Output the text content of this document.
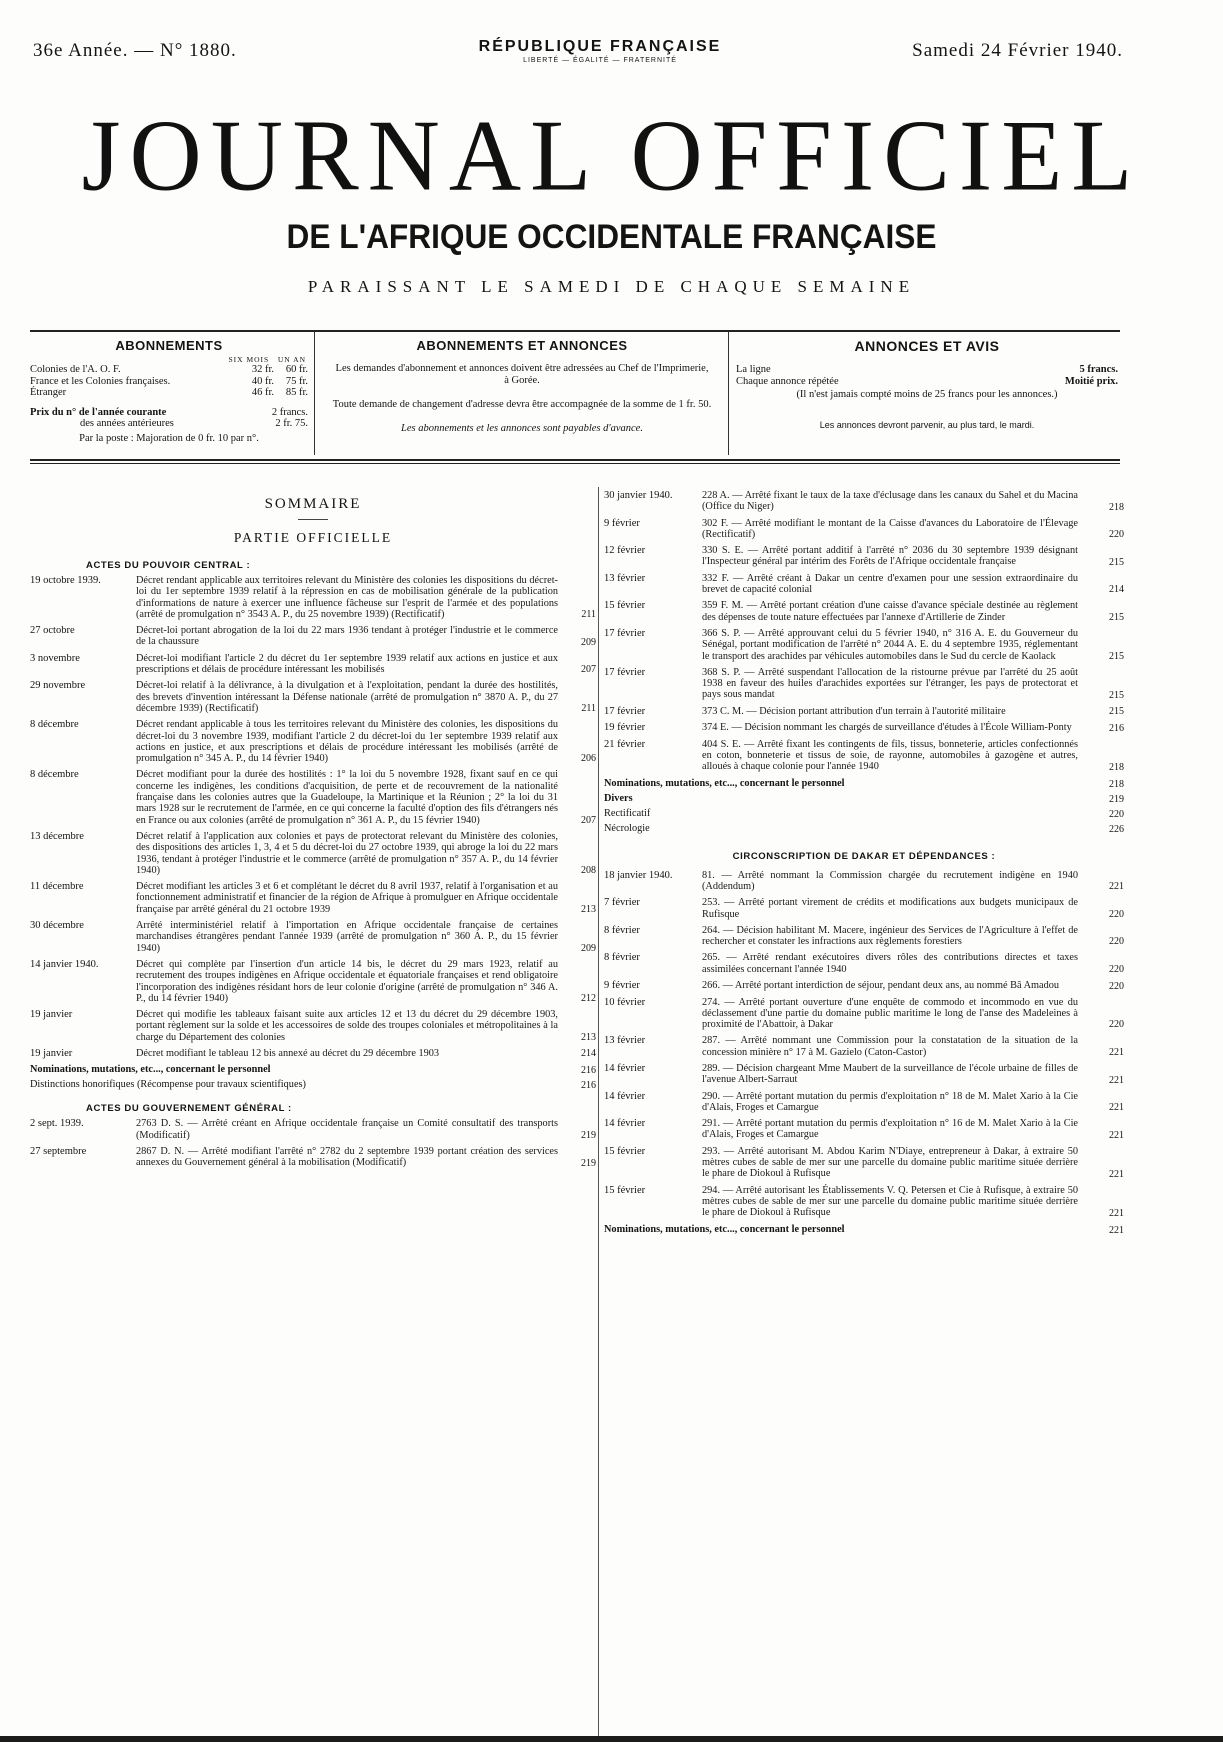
36e Année. — N° 1880.	RÉPUBLIQUE FRANÇAISE
LIBERTÉ — ÉGALITÉ — FRATERNITÉ	Samedi 24 Février 1940.
JOURNAL OFFICIEL
DE L'AFRIQUE OCCIDENTALE FRANÇAISE
PARAISSANT LE SAMEDI DE CHAQUE SEMAINE
ABONNEMENTS
SIX MOIS UN AN
Colonies de l'A. O. F.	32 fr.	60 fr.
France et les Colonies françaises.	40 fr.	75 fr.
Étranger	46 fr.	85 fr.
Prix du n° de l'année courante	2 francs.
des années antérieures	2 fr. 75.
Par la poste : Majoration de 0 fr. 10 par n°.
ABONNEMENTS ET ANNONCES
Les demandes d'abonnement et annonces doivent être adressées au Chef de l'Imprimerie, à Gorée.
Toute demande de changement d'adresse devra être accompagnée de la somme de 1 fr. 50.
Les abonnements et les annonces sont payables d'avance.
ANNONCES ET AVIS
La ligne	5 francs.
Chaque annonce répétée	Moitié prix.
(Il n'est jamais compté moins de 25 francs pour les annonces.)
Les annonces devront parvenir, au plus tard, le mardi.
SOMMAIRE
PARTIE OFFICIELLE
ACTES DU POUVOIR CENTRAL :
19 octobre 1939.	Décret rendant applicable aux territoires relevant du Ministère des colonies les dispositions du décret-loi du 1er septembre 1939 relatif à la répression en cas de mobilisation générale de la publication d'informations de nature à exercer une influence fâcheuse sur l'esprit de l'armée et des populations (arrêté de promulgation n° 3543 A. P., du 25 novembre 1939) (Rectificatif)	211
27 octobre	Décret-loi portant abrogation de la loi du 22 mars 1936 tendant à protéger l'industrie et le commerce de la chaussure	209
3 novembre	Décret-loi modifiant l'article 2 du décret du 1er septembre 1939 relatif aux actions en justice et aux prescriptions et délais de procédure intéressant les mobilisés	207
29 novembre	Décret-loi relatif à la délivrance, à la divulgation et à l'exploitation, pendant la durée des hostilités, des brevets d'invention intéressant la Défense nationale (arrêté de promulgation n° 3870 A. P., du 27 décembre 1939) (Rectificatif)	211
8 décembre	Décret rendant applicable à tous les territoires relevant du Ministère des colonies, les dispositions du décret-loi du 3 novembre 1939, modifiant l'article 2 du décret-loi du 1er septembre 1939 relatif aux actions en justice, et aux prescriptions et délais de procédure intéressant les mobilisés (arrêté de promulgation n° 345 A. P., du 14 février 1940)	206
8 décembre	Décret modifiant pour la durée des hostilités : 1° la loi du 5 novembre 1928, fixant sauf en ce qui concerne les indigènes, les conditions d'acquisition, de perte et de recouvrement de la nationalité française dans les colonies autres que la Guadeloupe, la Martinique et la Réunion ; 2° la loi du 31 mars 1928 sur le recrutement de l'armée, en ce qui concerne la faculté d'option des fils d'étrangers nés en France ou aux colonies (arrêté de promulgation n° 361 A. P., du 15 février 1940)	207
13 décembre	Décret relatif à l'application aux colonies et pays de protectorat relevant du Ministère des colonies, des dispositions des articles 1, 3, 4 et 5 du décret-loi du 27 octobre 1939, qui abroge la loi du 22 mars 1936, tendant à protéger l'industrie et le commerce (arrêté de promulgation n° 357 A. P., du 14 février 1940)	208
11 décembre	Décret modifiant les articles 3 et 6 et complétant le décret du 8 avril 1937, relatif à l'organisation et au fonctionnement administratif et financier de la région de Afrique à promulguer en Afrique occidentale française par arrêté général du 21 octobre 1939	213
30 décembre	Arrêté interministériel relatif à l'importation en Afrique occidentale française de certaines marchandises étrangères pendant l'année 1939 (arrêté de promulgation n° 360 A. P., du 15 février 1940)	209
14 janvier 1940.	Décret qui complète par l'insertion d'un article 14 bis, le décret du 29 mars 1923, relatif au recrutement des troupes indigènes en Afrique occidentale et équatoriale françaises et rend obligatoire l'incorporation des indigènes résidant hors de leur colonie d'origine (arrêté de promulgation n° 346 A. P., du 14 février 1940)	212
19 janvier	Décret qui modifie les tableaux faisant suite aux articles 12 et 13 du décret du 29 décembre 1903, portant règlement sur la solde et les accessoires de solde des troupes coloniales et métropolitaines à la charge du Département des colonies	213
19 janvier	Décret modifiant le tableau 12 bis annexé au décret du 29 décembre 1903	214
Nominations, mutations, etc..., concernant le personnel	216
Distinctions honorifiques (Récompense pour travaux scientifiques)	216
ACTES DU GOUVERNEMENT GÉNÉRAL :
2 sept. 1939.	2763 D. S. — Arrêté créant en Afrique occidentale française un Comité consultatif des transports (Modificatif)	219
27 septembre	2867 D. N. — Arrêté modifiant l'arrêté n° 2782 du 2 septembre 1939 portant création des services annexes du Gouvernement général à la mobilisation (Modificatif)	219
30 janvier 1940.	228 A. — Arrêté fixant le taux de la taxe d'éclusage dans les canaux du Sahel et du Macina (Office du Niger)	218
9 février	302 F. — Arrêté modifiant le montant de la Caisse d'avances du Laboratoire de l'Élevage (Rectificatif)	220
12 février	330 S. E. — Arrêté portant additif à l'arrêté n° 2036 du 30 septembre 1939 désignant l'Inspecteur général par intérim des Forêts de l'Afrique occidentale française	215
13 février	332 F. — Arrêté créant à Dakar un centre d'examen pour une session extraordinaire du brevet de capacité colonial	214
15 février	359 F. M. — Arrêté portant création d'une caisse d'avance spéciale destinée au règlement des dépenses de toute nature effectuées par l'annexe d'Artillerie de Zinder	215
17 février	366 S. P. — Arrêté approuvant celui du 5 février 1940, n° 316 A. E. du Gouverneur du Sénégal, portant modification de l'arrêté n° 2044 A. E. du 4 septembre 1935, réglementant le transport des arachides par véhicules automobiles dans le Sud du cercle de Kaolack	215
17 février	368 S. P. — Arrêté suspendant l'allocation de la ristourne prévue par l'arrêté du 25 août 1938 en faveur des huiles d'arachides exportées sur l'étranger, les pays de protectorat et pays sous mandat	215
17 février	373 C. M. — Décision portant attribution d'un terrain à l'autorité militaire	215
19 février	374 E. — Décision nommant les chargés de surveillance d'études à l'École William-Ponty	216
21 février	404 S. E. — Arrêté fixant les contingents de fils, tissus, bonneterie, articles confectionnés en coton, bonneterie et tissus de soie, de rayonne, automobiles à gazogène et autres, alloués à chaque colonie pour l'année 1940	218
Nominations, mutations, etc..., concernant le personnel	218
Divers	219
Rectificatif	220
Nécrologie	226
CIRCONSCRIPTION DE DAKAR ET DÉPENDANCES :
18 janvier 1940.	81. — Arrêté nommant la Commission chargée du recrutement indigène en 1940 (Addendum)	221
7 février	253. — Arrêté portant virement de crédits et modifications aux budgets municipaux de Rufisque	220
8 février	264. — Décision habilitant M. Macere, ingénieur des Services de l'Agriculture à l'effet de rechercher et constater les infractions aux règlements forestiers	220
8 février	265. — Arrêté rendant exécutoires divers rôles des contributions directes et taxes assimilées concernant l'année 1940	220
9 février	266. — Arrêté portant interdiction de séjour, pendant deux ans, au nommé Bâ Amadou	220
10 février	274. — Arrêté portant ouverture d'une enquête de commodo et incommodo en vue du déclassement d'une partie du domaine public maritime le long de l'anse des Madeleines à proximité de l'Abattoir, à Dakar	220
13 février	287. — Arrêté nommant une Commission pour la constatation de la situation de la concession minière n° 17 à M. Gazielo (Caton-Castor)	221
14 février	289. — Décision chargeant Mme Maubert de la surveillance de l'école urbaine de filles de l'avenue Albert-Sarraut	221
14 février	290. — Arrêté portant mutation du permis d'exploitation n° 18 de M. Malet Xario à la Cie d'Alais, Froges et Camargue	221
14 février	291. — Arrêté portant mutation du permis d'exploitation n° 16 de M. Malet Xario à la Cie d'Alais, Froges et Camargue	221
15 février	293. — Arrêté autorisant M. Abdou Karim N'Diaye, entrepreneur à Dakar, à extraire 50 mètres cubes de sable de mer sur une parcelle du domaine public maritime située derrière le phare de Diokoul à Rufisque	221
15 février	294. — Arrêté autorisant les Établissements V. Q. Petersen et Cie à Rufisque, à extraire 50 mètres cubes de sable de mer sur une parcelle du domaine public maritime située derrière le phare de Diokoul à Rufisque	221
Nominations, mutations, etc..., concernant le personnel	221
